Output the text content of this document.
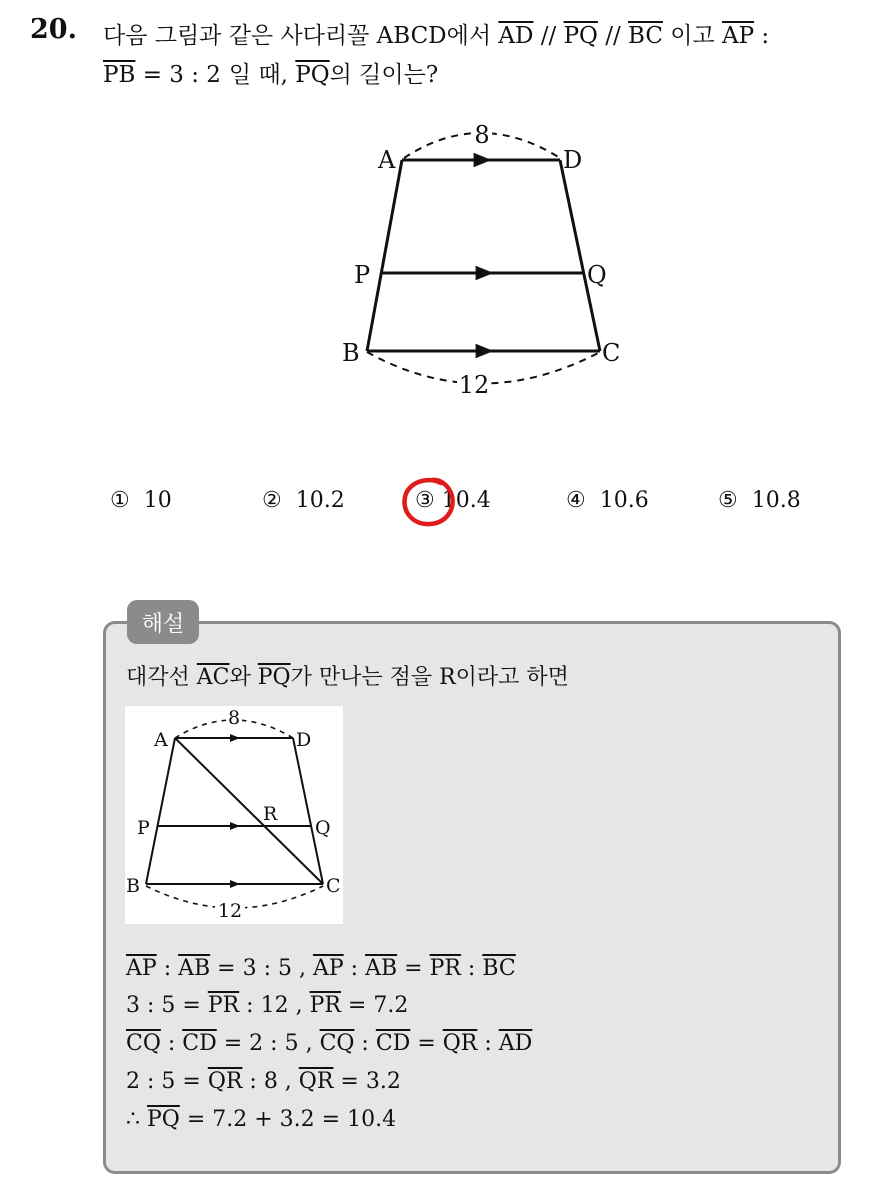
20. 다음 그림과 같은 사다리꼴 ABCD에서 $\overline{AD} // \overline{PQ} // \overline{BC}$ 이고 $\overline{AP}$ :
$\overline{PB} = 3$ : 2 일 때, $\overline{PQ}$의 길이는?
8
12
A	D
P	Q
B	C
① 10	② 10.2	③ 10.4	④ 10.6	⑤ 10.8
해설
대각선 $\overline{AC}$와 $\overline{PQ}$가 만나는 점을 R이라고 하면
8
12
A	D
P
R
Q
B	C
$\overline{AP}$ : $\overline{AB} = 3$ : 5 , $\overline{AP}$ : $\overline{AB} = \overline{PR}$ : $\overline{BC}$
3 : $5 = \overline{PR}$ : 12 , $\overline{PR} = 7.2$
$\overline{CQ}$ : $\overline{CD} = 2$ : 5 , $\overline{CQ}$ : $\overline{CD} = \overline{QR}$ : $\overline{AD}$
2 : $5 = \overline{QR}$ : 8 , $\overline{QR} = 3.2$
∴ $\overline{PQ} = 7.2 + 3.2 = 10.4$
